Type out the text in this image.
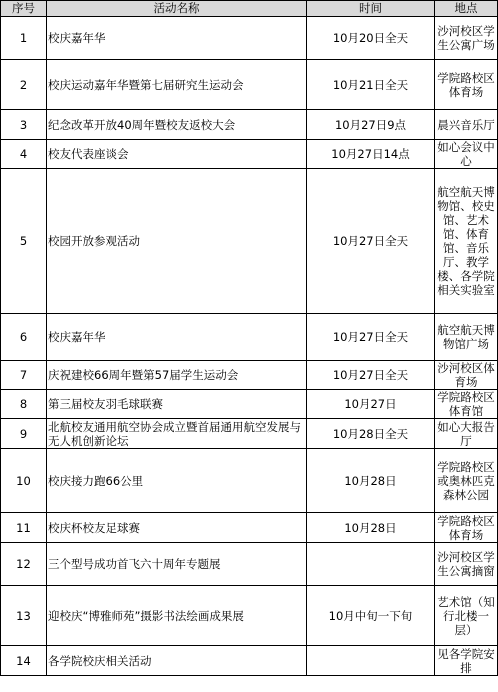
序号	活动名称	时间	地点
1	校庆嘉年华	10月20日全天	沙河校区学生公寓广场
2	校庆运动嘉年华暨第七届研究生运动会	10月21日全天	学院路校区体育场
3	纪念改革开放40周年暨校友返校大会	10月27日9点	晨兴音乐厅
4	校友代表座谈会	10月27日14点	如心会议中心
5	校园开放参观活动	10月27日全天	航空航天博物馆、校史馆、艺术馆、体育馆、音乐厅、教学楼、各学院相关实验室
6	校庆嘉年华	10月27日全天	航空航天博物馆广场
7	庆祝建校66周年暨第57届学生运动会	10月27日全天	沙河校区体育场
8	第三届校友羽毛球联赛	10月27日	学院路校区体育馆
9	北航校友通用航空协会成立暨首届通用航空发展与无人机创新论坛	10月28日全天	如心大报告厅
10	校庆接力跑66公里	10月28日	学院路校区或奥林匹克森林公园
11	校庆杯校友足球赛	10月28日	学院路校区体育场
12	三个型号成功首飞六十周年专题展		沙河校区学生公寓摘窗
13	迎校庆“博雅师苑”摄影书法绘画成果展	10月中旬一下旬	艺术馆（知行北楼一层）
14	各学院校庆相关活动		见各学院安排
